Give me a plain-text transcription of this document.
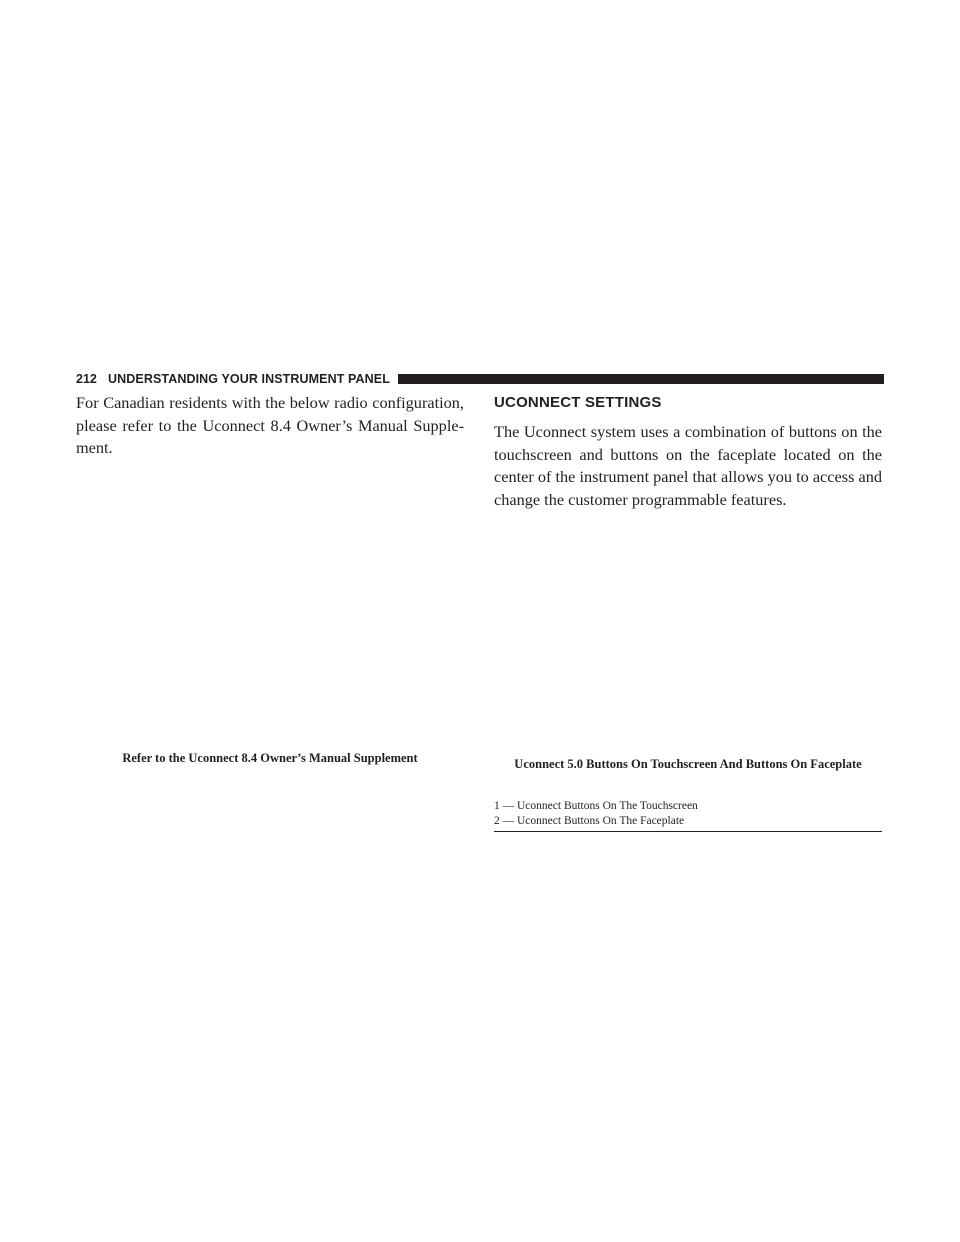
212 UNDERSTANDING YOUR INSTRUMENT PANEL

For Canadian residents with the below radio configuration, please refer to the Uconnect 8.4 Owner’s Manual Supple- ment.

Refer to the Uconnect 8.4 Owner’s Manual Supplement
UCONNECT SETTINGS

The Uconnect system uses a combination of buttons on the touchscreen and buttons on the faceplate located on the center of the instrument panel that allows you to access and change the customer programmable features.

Uconnect 5.0 Buttons On Touchscreen And Buttons On Faceplate
1 — Uconnect Buttons On The Touchscreen
2 — Uconnect Buttons On The Faceplate
